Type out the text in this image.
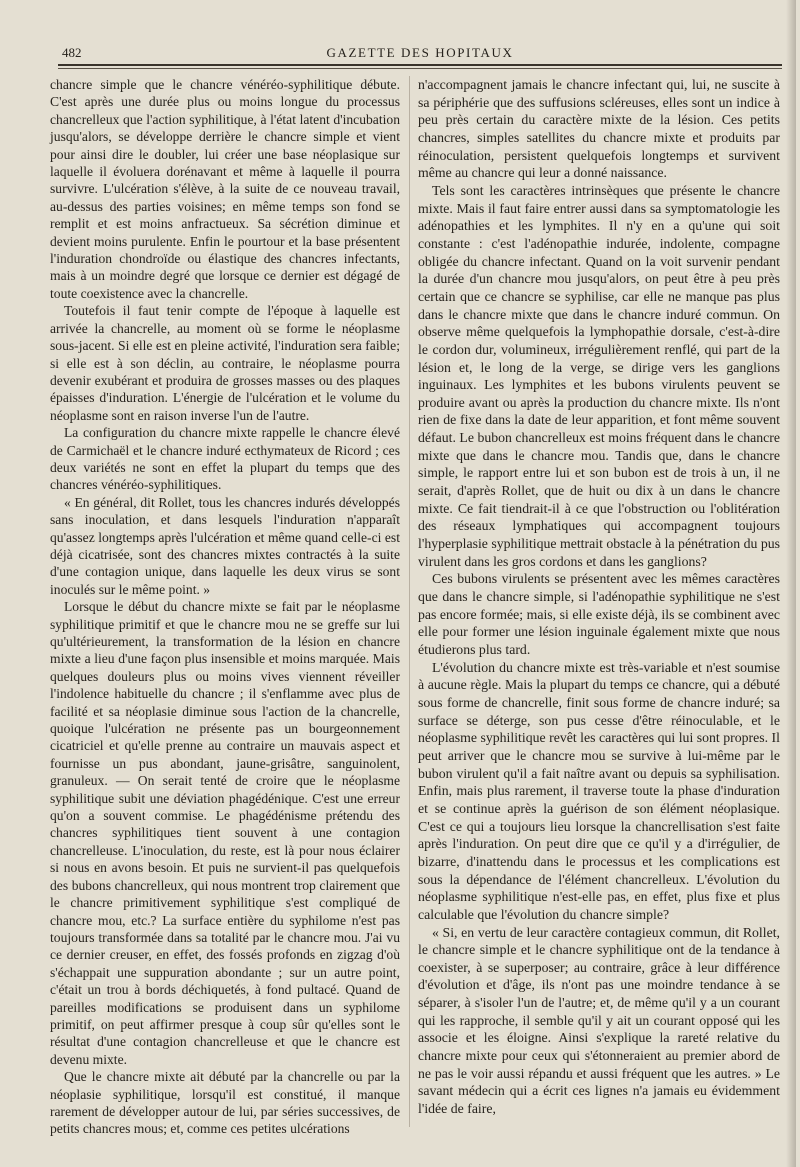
482	GAZETTE DES HOPITAUX

chancre simple que le chancre vénéréo-syphilitique débute. C'est après une durée plus ou moins longue du processus chancrelleux que l'action syphilitique, à l'état latent d'incubation jusqu'alors, se développe derrière le chancre simple et vient pour ainsi dire le doubler, lui créer une base néoplasique sur laquelle il évoluera dorénavant et même à laquelle il pourra survivre. L'ulcération s'élève, à la suite de ce nouveau travail, au-dessus des parties voisines; en même temps son fond se remplit et est moins anfractueux. Sa sécrétion diminue et devient moins purulente. Enfin le pourtour et la base présentent l'induration chondroïde ou élastique des chancres infectants, mais à un moindre degré que lorsque ce dernier est dégagé de toute coexistence avec la chancrelle.

Toutefois il faut tenir compte de l'époque à laquelle est arrivée la chancrelle, au moment où se forme le néoplasme sous-jacent. Si elle est en pleine activité, l'induration sera faible; si elle est à son déclin, au contraire, le néoplasme pourra devenir exubérant et produira de grosses masses ou des plaques épaisses d'induration. L'énergie de l'ulcération et le volume du néoplasme sont en raison inverse l'un de l'autre.

La configuration du chancre mixte rappelle le chancre élevé de Carmichaël et le chancre induré ecthymateux de Ricord ; ces deux variétés ne sont en effet la plupart du temps que des chancres vénéréo-syphilitiques.

« En général, dit Rollet, tous les chancres indurés développés sans inoculation, et dans lesquels l'induration n'apparaît qu'assez longtemps après l'ulcération et même quand celle-ci est déjà cicatrisée, sont des chancres mixtes contractés à la suite d'une contagion unique, dans laquelle les deux virus se sont inoculés sur le même point. »

Lorsque le début du chancre mixte se fait par le néoplasme syphilitique primitif et que le chancre mou ne se greffe sur lui qu'ultérieurement, la transformation de la lésion en chancre mixte a lieu d'une façon plus insensible et moins marquée. Mais quelques douleurs plus ou moins vives viennent réveiller l'indolence habituelle du chancre ; il s'enflamme avec plus de facilité et sa néoplasie diminue sous l'action de la chancrelle, quoique l'ulcération ne présente pas un bourgeonnement cicatriciel et qu'elle prenne au contraire un mauvais aspect et fournisse un pus abondant, jaune-grisâtre, sanguinolent, granuleux. — On serait tenté de croire que le néoplasme syphilitique subit une déviation phagédénique. C'est une erreur qu'on a souvent commise. Le phagédénisme prétendu des chancres syphilitiques tient souvent à une contagion chancrelleuse. L'inoculation, du reste, est là pour nous éclairer si nous en avons besoin. Et puis ne survient-il pas quelquefois des bubons chancrelleux, qui nous montrent trop clairement que le chancre primitivement syphilitique s'est compliqué de chancre mou, etc.? La surface entière du syphilome n'est pas toujours transformée dans sa totalité par le chancre mou. J'ai vu ce dernier creuser, en effet, des fossés profonds en zigzag d'où s'échappait une suppuration abondante ; sur un autre point, c'était un trou à bords déchiquetés, à fond pultacé. Quand de pareilles modifications se produisent dans un syphilome primitif, on peut affirmer presque à coup sûr qu'elles sont le résultat d'une contagion chancrelleuse et que le chancre est devenu mixte.

Que le chancre mixte ait débuté par la chancrelle ou par la néoplasie syphilitique, lorsqu'il est constitué, il manque rarement de développer autour de lui, par séries successives, de petits chancres mous; et, comme ces petites ulcérations

n'accompagnent jamais le chancre infectant qui, lui, ne suscite à sa périphérie que des suffusions scléreuses, elles sont un indice à peu près certain du caractère mixte de la lésion. Ces petits chancres, simples satellites du chancre mixte et produits par réinoculation, persistent quelquefois longtemps et survivent même au chancre qui leur a donné naissance.

Tels sont les caractères intrinsèques que présente le chancre mixte. Mais il faut faire entrer aussi dans sa symptomatologie les adénopathies et les lymphites. Il n'y en a qu'une qui soit constante : c'est l'adénopathie indurée, indolente, compagne obligée du chancre infectant. Quand on la voit survenir pendant la durée d'un chancre mou jusqu'alors, on peut être à peu près certain que ce chancre se syphilise, car elle ne manque pas plus dans le chancre mixte que dans le chancre induré commun. On observe même quelquefois la lymphopathie dorsale, c'est-à-dire le cordon dur, volumineux, irrégulièrement renflé, qui part de la lésion et, le long de la verge, se dirige vers les ganglions inguinaux. Les lymphites et les bubons virulents peuvent se produire avant ou après la production du chancre mixte. Ils n'ont rien de fixe dans la date de leur apparition, et font même souvent défaut. Le bubon chancrelleux est moins fréquent dans le chancre mixte que dans le chancre mou. Tandis que, dans le chancre simple, le rapport entre lui et son bubon est de trois à un, il ne serait, d'après Rollet, que de huit ou dix à un dans le chancre mixte. Ce fait tiendrait-il à ce que l'obstruction ou l'oblitération des réseaux lymphatiques qui accompagnent toujours l'hyperplasie syphilitique mettrait obstacle à la pénétration du pus virulent dans les gros cordons et dans les ganglions?

Ces bubons virulents se présentent avec les mêmes caractères que dans le chancre simple, si l'adénopathie syphilitique ne s'est pas encore formée; mais, si elle existe déjà, ils se combinent avec elle pour former une lésion inguinale également mixte que nous étudierons plus tard.

L'évolution du chancre mixte est très-variable et n'est soumise à aucune règle. Mais la plupart du temps ce chancre, qui a débuté sous forme de chancrelle, finit sous forme de chancre induré; sa surface se déterge, son pus cesse d'être réinoculable, et le néoplasme syphilitique revêt les caractères qui lui sont propres. Il peut arriver que le chancre mou se survive à lui-même par le bubon virulent qu'il a fait naître avant ou depuis sa syphilisation. Enfin, mais plus rarement, il traverse toute la phase d'induration et se continue après la guérison de son élément néoplasique. C'est ce qui a toujours lieu lorsque la chancrellisation s'est faite après l'induration. On peut dire que ce qu'il y a d'irrégulier, de bizarre, d'inattendu dans le processus et les complications est sous la dépendance de l'élément chancrelleux. L'évolution du néoplasme syphilitique n'est-elle pas, en effet, plus fixe et plus calculable que l'évolution du chancre simple?

« Si, en vertu de leur caractère contagieux commun, dit Rollet, le chancre simple et le chancre syphilitique ont de la tendance à coexister, à se superposer; au contraire, grâce à leur différence d'évolution et d'âge, ils n'ont pas une moindre tendance à se séparer, à s'isoler l'un de l'autre; et, de même qu'il y a un courant qui les rapproche, il semble qu'il y ait un courant opposé qui les associe et les éloigne. Ainsi s'explique la rareté relative du chancre mixte pour ceux qui s'étonneraient au premier abord de ne pas le voir aussi répandu et aussi fréquent que les autres. » Le savant médecin qui a écrit ces lignes n'a jamais eu évidemment l'idée de faire,
